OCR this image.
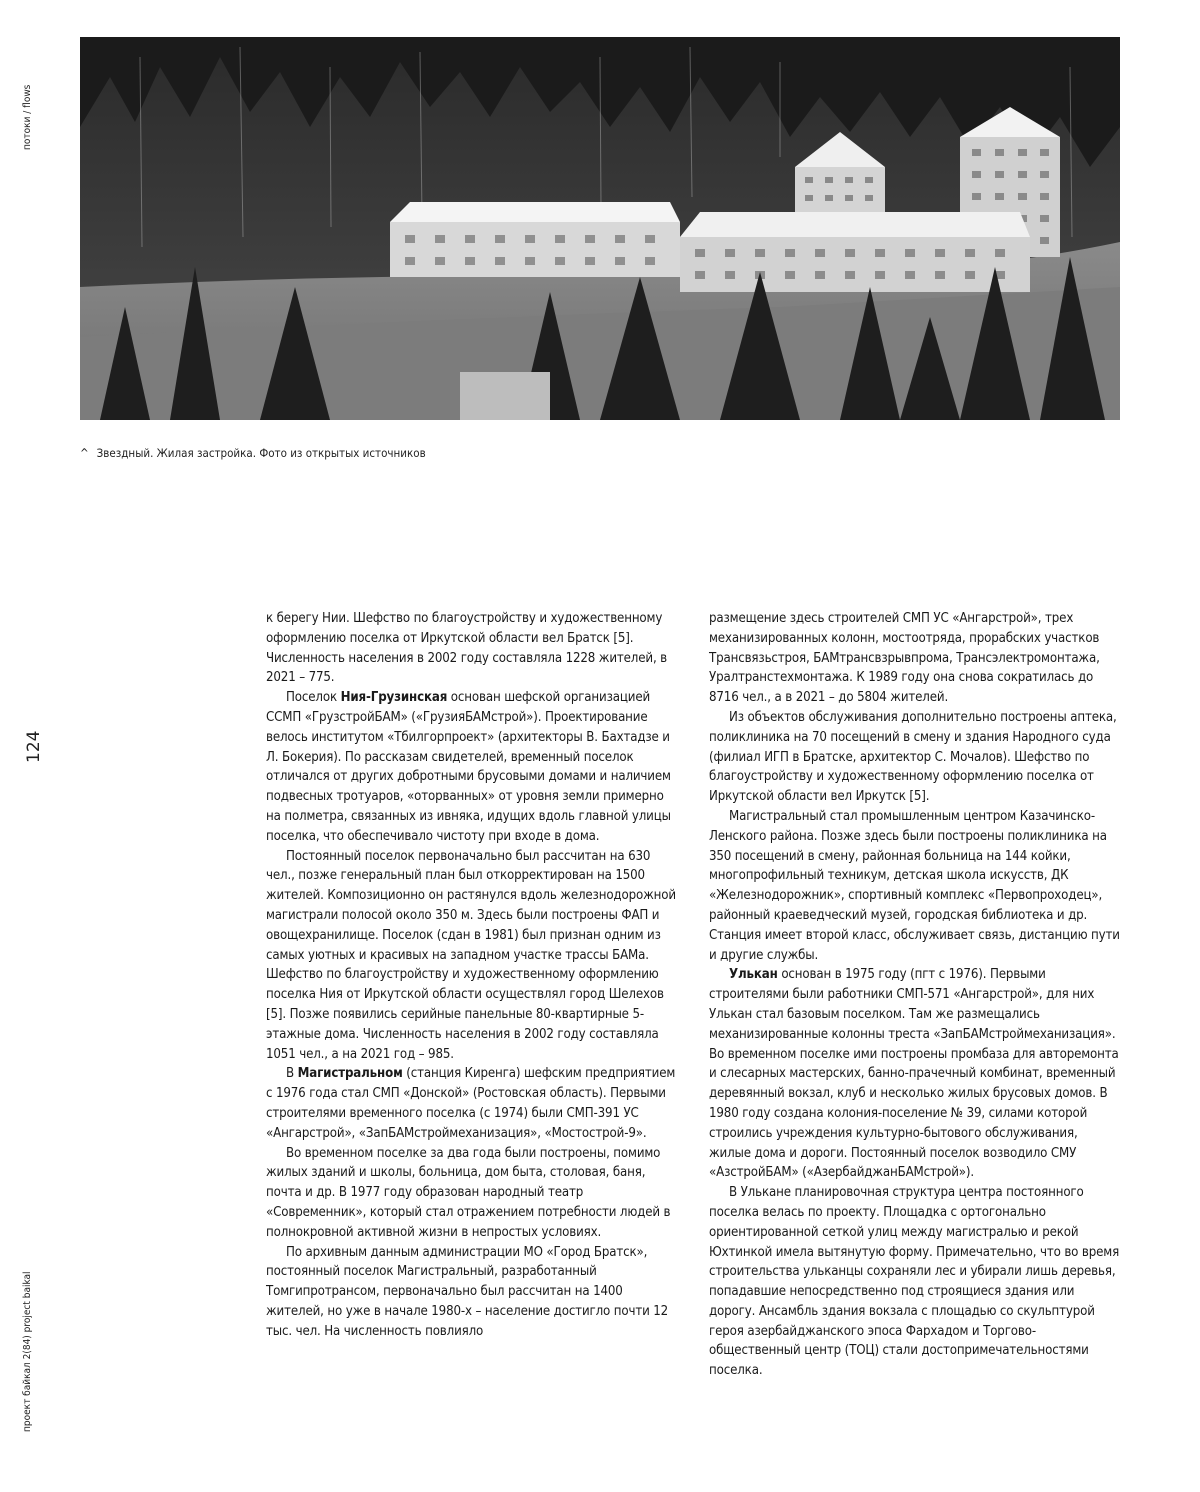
потоки / flows
124
проект байкал 2(84) project baikal
^ Звездный. Жилая застройка. Фото из открытых источников

к берегу Нии. Шефство по благоустройству и художественному оформлению поселка от Иркутской области вел Братск [5]. Численность населения в 2002 году составляла 1228 жителей, в 2021 – 775.

Поселок Ния-Грузинская основан шефской организацией ССМП «ГрузстройБАМ» («ГрузияБАМстрой»). Проектирование велось институтом «Тбилгорпроект» (архитекторы В. Бахтадзе и Л. Бокерия). По рассказам свидетелей, временный поселок отличался от других добротными брусовыми домами и наличием подвесных тротуаров, «оторванных» от уровня земли примерно на полметра, связанных из ивняка, идущих вдоль главной улицы поселка, что обеспечивало чистоту при входе в дома.

Постоянный поселок первоначально был рассчитан на 630 чел., позже генеральный план был откорректирован на 1500 жителей. Композиционно он растянулся вдоль железнодорожной магистрали полосой около 350 м. Здесь были построены ФАП и овощехранилище. Поселок (сдан в 1981) был признан одним из самых уютных и красивых на западном участке трассы БАМа. Шефство по благоустройству и художественному оформлению поселка Ния от Иркутской области осуществлял город Шелехов [5]. Позже появились серийные панельные 80-квартирные 5-этажные дома. Численность населения в 2002 году составляла 1051 чел., а на 2021 год – 985.

В Магистральном (станция Киренга) шефским предприятием с 1976 года стал СМП «Донской» (Ростовская область). Первыми строителями временного поселка (с 1974) были СМП-391 УС «Ангарстрой», «ЗапБАМстроймеханизация», «Мостострой-9».

Во временном поселке за два года были построены, помимо жилых зданий и школы, больница, дом быта, столовая, баня, почта и др. В 1977 году образован народный театр «Современник», который стал отражением потребности людей в полнокровной активной жизни в непростых условиях.

По архивным данным администрации МО «Город Братск», постоянный поселок Магистральный, разработанный Томгипротрансом, первоначально был рассчитан на 1400 жителей, но уже в начале 1980-х – население достигло почти 12 тыс. чел. На численность повлияло

размещение здесь строителей СМП УС «Ангарстрой», трех механизированных колонн, мостоотряда, прорабских участков Трансвязьстроя, БАМтрансвзрывпрома, Трансэлектромонтажа, Уралтранстехмонтажа. К 1989 году она снова сократилась до 8716 чел., а в 2021 – до 5804 жителей.

Из объектов обслуживания дополнительно построены аптека, поликлиника на 70 посещений в смену и здания Народного суда (филиал ИГП в Братске, архитектор С. Мочалов). Шефство по благоустройству и художественному оформлению поселка от Иркутской области вел Иркутск [5].

Магистральный стал промышленным центром Казачинско-Ленского района. Позже здесь были построены поликлиника на 350 посещений в смену, районная больница на 144 койки, многопрофильный техникум, детская школа искусств, ДК «Железнодорожник», спортивный комплекс «Первопроходец», районный краеведческий музей, городская библиотека и др. Станция имеет второй класс, обслуживает связь, дистанцию пути и другие службы.

Улькан основан в 1975 году (пгт с 1976). Первыми строителями были работники СМП-571 «Ангарстрой», для них Улькан стал базовым поселком. Там же размещались механизированные колонны треста «ЗапБАМстроймеханизация». Во временном поселке ими построены промбаза для авторемонта и слесарных мастерских, банно-прачечный комбинат, временный деревянный вокзал, клуб и несколько жилых брусовых домов. В 1980 году создана колония-поселение № 39, силами которой строились учреждения культурно-бытового обслуживания, жилые дома и дороги. Постоянный поселок возводило СМУ «АзстройБАМ» («АзербайджанБАМстрой»).

В Улькане планировочная структура центра постоянного поселка велась по проекту. Площадка с ортогонально ориентированной сеткой улиц между магистралью и рекой Юхтинкой имела вытянутую форму. Примечательно, что во время строительства ульканцы сохраняли лес и убирали лишь деревья, попадавшие непосредственно под строящиеся здания или дорогу. Ансамбль здания вокзала с площадью со скульптурой героя азербайджанского эпоса Фархадом и Торгово-общественный центр (ТОЦ) стали достопримечательностями поселка.
